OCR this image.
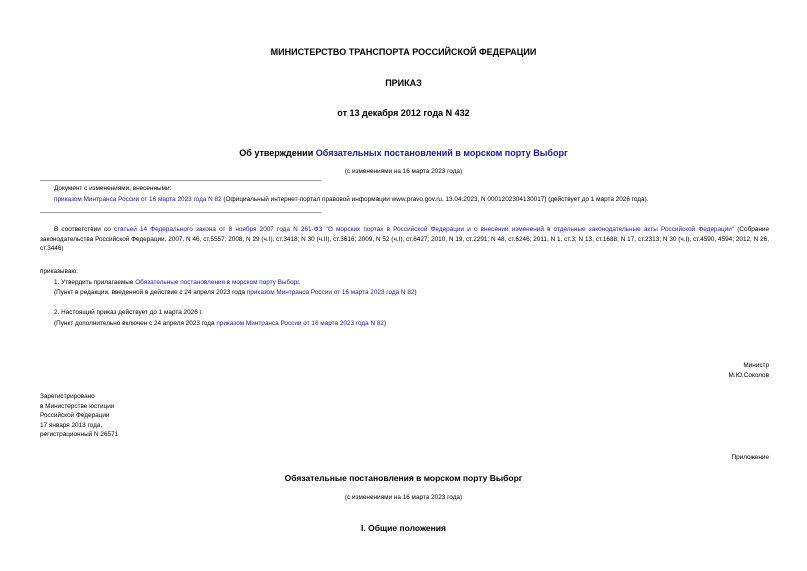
МИНИСТЕРСТВО ТРАНСПОРТА РОССИЙСКОЙ ФЕДЕРАЦИИ
ПРИКАЗ
от 13 декабря 2012 года N 432
Об утверждении Обязательных постановлений в морском порту Выборг
(с изменениями на 16 марта 2023 года)
Документ с изменениями, внесенными:
приказом Минтранса России от 16 марта 2023 года N 82 (Официальный интернет-портал правовой информации www.pravo.gov.ru, 13.04.2023, N 0001202304130017) (действует до 1 марта 2026 года).
В соответствии со статьей 14 Федерального закона от 8 ноября 2007 года N 261-ФЗ "О морских портах в Российской Федерации и о внесении изменений в отдельные законодательные акты Российской Федерации" (Собрание законодательства Российской Федерации, 2007, N 46, ст.5557; 2008, N 29 (ч.I), ст.3418; N 30 (ч.II), ст.3616; 2009, N 52 (ч.I), ст.6427; 2010, N 19, ст.2291; N 48, ст.6246; 2011, N 1, ст.3; N 13, ст.1688; N 17, ст.2313; N 30 (ч.I), ст.4590, 4594; 2012, N 26, ст.3446)
приказываю:
1. Утвердить прилагаемые Обязательные постановления в морском порту Выборг.
(Пункт в редакции, введенной в действие с 24 апреля 2023 года приказом Минтранса России от 16 марта 2023 года N 82)
2. Настоящий приказ действует до 1 марта 2026 г.
(Пункт дополнительно включен с 24 апреля 2023 года приказом Минтранса России от 16 марта 2023 года N 82)
Министр
М.Ю.Соколов

Зарегистрировано

в Министерстве юстиции

Российской Федерации

17 января 2013 года,

регистрационный N 26571

Приложение
Обязательные постановления в морском порту Выборг
(с изменениями на 16 марта 2023 года)
I. Общие положения
